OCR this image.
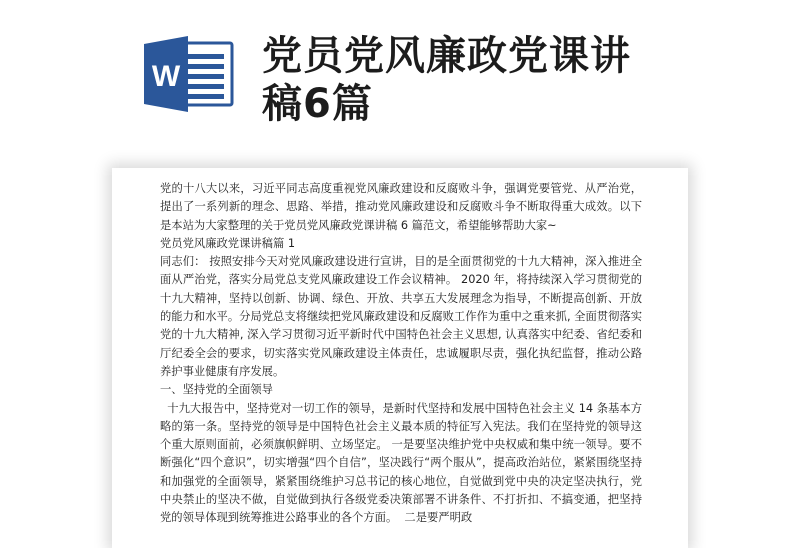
W 党员党风廉政党课讲
稿6篇

党的十八大以来，习近平同志高度重视党风廉政建设和反腐败斗争，强调党要管党、从严治党，提出了一系列新的理念、思路、举措，推动党风廉政建设和反腐败斗争不断取得重大成效。以下是本站为大家整理的关于党员党风廉政党课讲稿 6 篇范文，希望能够帮助大家~

党员党风廉政党课讲稿篇 1

同志们： 按照安排今天对党风廉政建设进行宣讲，目的是全面贯彻党的十九大精神，深入推进全面从严治党，落实分局党总支党风廉政建设工作会议精神。 2020 年，将持续深入学习贯彻党的十九大精神，坚持以创新、协调、绿色、开放、共享五大发展理念为指导，不断提高创新、开放的能力和水平。分局党总支将继续把党风廉政建设和反腐败工作作为重中之重来抓, 全面贯彻落实党的十九大精神, 深入学习贯彻习近平新时代中国特色社会主义思想, 认真落实中纪委、省纪委和厅纪委全会的要求，切实落实党风廉政建设主体责任，忠诚履职尽责，强化执纪监督，推动公路养护事业健康有序发展。

一、坚持党的全面领导

十九大报告中，坚持党对一切工作的领导，是新时代坚持和发展中国特色社会主义 14 条基本方略的第一条。坚持党的领导是中国特色社会主义最本质的特征写入宪法。我们在坚持党的领导这个重大原则面前，必须旗帜鲜明、立场坚定。 一是要坚决维护党中央权威和集中统一领导。要不断强化“四个意识”，切实增强“四个自信”，坚决践行“两个服从”，提高政治站位，紧紧围绕坚持和加强党的全面领导，紧紧围绕维护习总书记的核心地位，自觉做到党中央的决定坚决执行，党中央禁止的坚决不做，自觉做到执行各级党委决策部署不讲条件、不打折扣、不搞变通，把坚持党的领导体现到统筹推进公路事业的各个方面。  二是要严明政
